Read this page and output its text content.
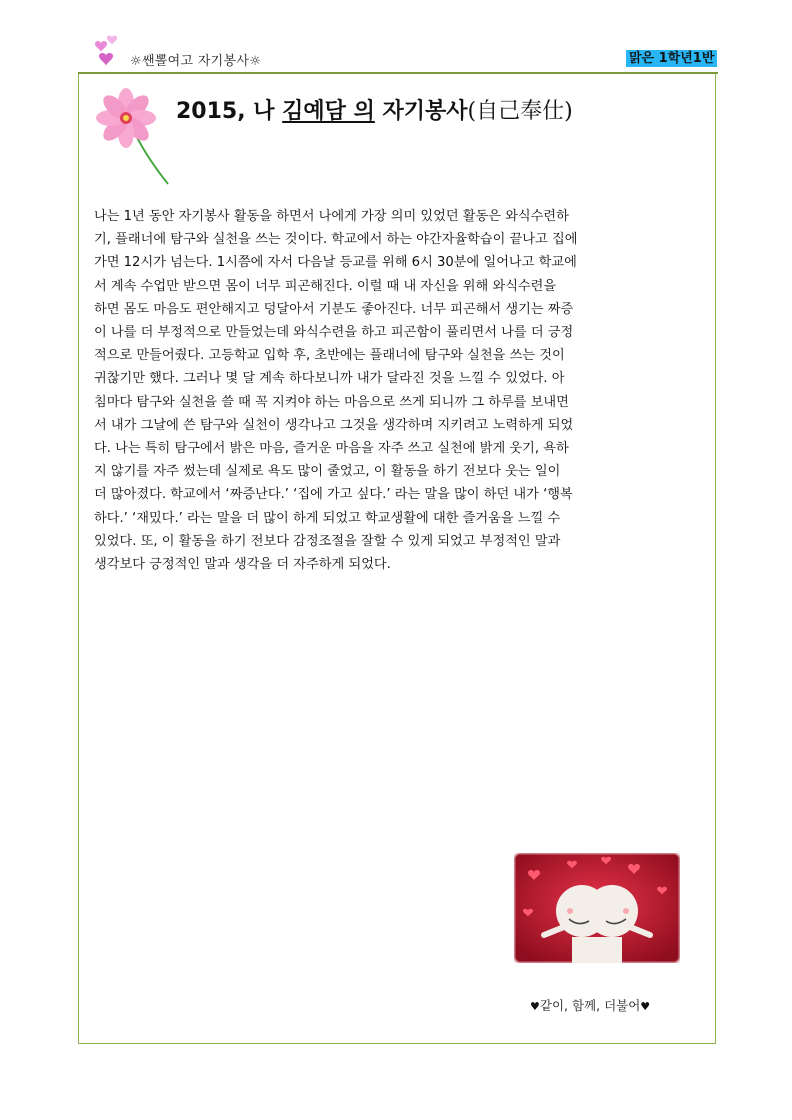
☼쌘뽈여고 자기봉사☼	맑은 1학년1반
2015, 나 김예담 의 자기봉사(自己奉仕)
나는 1년 동안 자기봉사 활동을 하면서 나에게 가장 의미 있었던 활동은 와식수련하
기, 플래너에 탐구와 실천을 쓰는 것이다. 학교에서 하는 야간자율학습이 끝나고 집에
가면 12시가 넘는다. 1시쯤에 자서 다음날 등교를 위해 6시 30분에 일어나고 학교에
서 계속 수업만 받으면 몸이 너무 피곤해진다. 이럴 때 내 자신을 위해 와식수련을
하면 몸도 마음도 편안해지고 덩달아서 기분도 좋아진다. 너무 피곤해서 생기는 짜증
이 나를 더 부정적으로 만들었는데 와식수련을 하고 피곤함이 풀리면서 나를 더 긍정
적으로 만들어줬다. 고등학교 입학 후, 초반에는 플래너에 탐구와 실천을 쓰는 것이
귀찮기만 했다. 그러나 몇 달 계속 하다보니까 내가 달라진 것을 느낄 수 있었다. 아
침마다 탐구와 실천을 쓸 때 꼭 지켜야 하는 마음으로 쓰게 되니까 그 하루를 보내면
서 내가 그날에 쓴 탐구와 실천이 생각나고 그것을 생각하며 지키려고 노력하게 되었
다. 나는 특히 탐구에서 밝은 마음, 즐거운 마음을 자주 쓰고 실천에 밝게 웃기, 욕하
지 않기를 자주 썼는데 실제로 욕도 많이 줄었고, 이 활동을 하기 전보다 웃는 일이
더 많아졌다. 학교에서 ‘짜증난다.’ ‘집에 가고 싶다.’ 라는 말을 많이 하던 내가 ‘행복
하다.’ ‘재밌다.’ 라는 말을 더 많이 하게 되었고 학교생활에 대한 즐거움을 느낄 수
있었다. 또, 이 활동을 하기 전보다 감정조절을 잘할 수 있게 되었고 부정적인 말과
생각보다 긍정적인 말과 생각을 더 자주하게 되었다.
♥같이, 함께, 더불어♥
